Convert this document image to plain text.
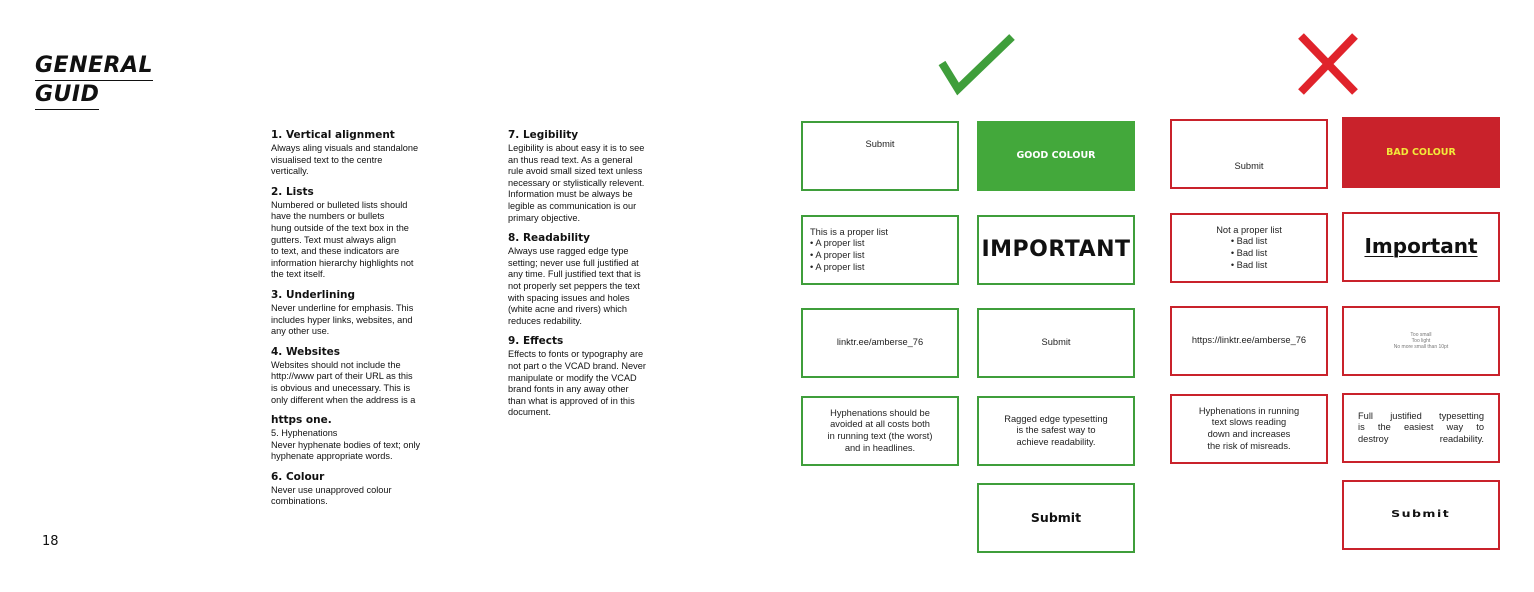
GENERAL
GUID
18
1. Vertical alignment

Always aling visuals and standalone
visualised text to the centre
vertically.

2. Lists

Numbered or bulleted lists should
have the numbers or bullets
hung outside of the text box in the
gutters. Text must always align
to text, and these indicators are
information hierarchy highlights not
the text itself.

3. Underlining

Never underline for emphasis. This
includes hyper links, websites, and
any other use.

4. Websites

Websites should not include the
http://www part of their URL as this
is obvious and unecessary. This is
only different when the address is a

https one.

5. Hyphenations
Never hyphenate bodies of text; only
hyphenate appropriate words.

6. Colour

Never use unapproved colour
combinations.

7. Legibility

Legibility is about easy it is to see
an thus read text. As a general
rule avoid small sized text unless
necessary or stylistically relevent.
Information must be always be
legible as communication is our
primary objective.

8. Readability

Always use ragged edge type
setting; never use full justified at
any time. Full justified text that is
not properly set peppers the text
with spacing issues and holes
(white acne and rivers) which
reduces redability.

9. Effects

Effects to fonts or typography are
not part o the VCAD brand. Never
manipulate or modify the VCAD
brand fonts in any away other
than what is approved of in this
document.

Submit
This is a proper list
• A proper list
• A proper list
• A proper list
linktr.ee/amberse_76
Hyphenations should be
avoided at all costs both
in running text (the worst)
and in headlines.
GOOD COLOUR
IMPORTANT
Submit
Ragged edge typesetting
is the safest way to
achieve readability.
Submit
Submit
Not a proper list
• Bad list
• Bad list
• Bad list
https://linktr.ee/amberse_76
Hyphenations in running
text slows reading
down and increases
the risk of misreads.
BAD COLOUR
Important
Too small
Too light
No more small than 10pt
Full justified typesetting
is the easiest way to
destroy readability.
Submit
